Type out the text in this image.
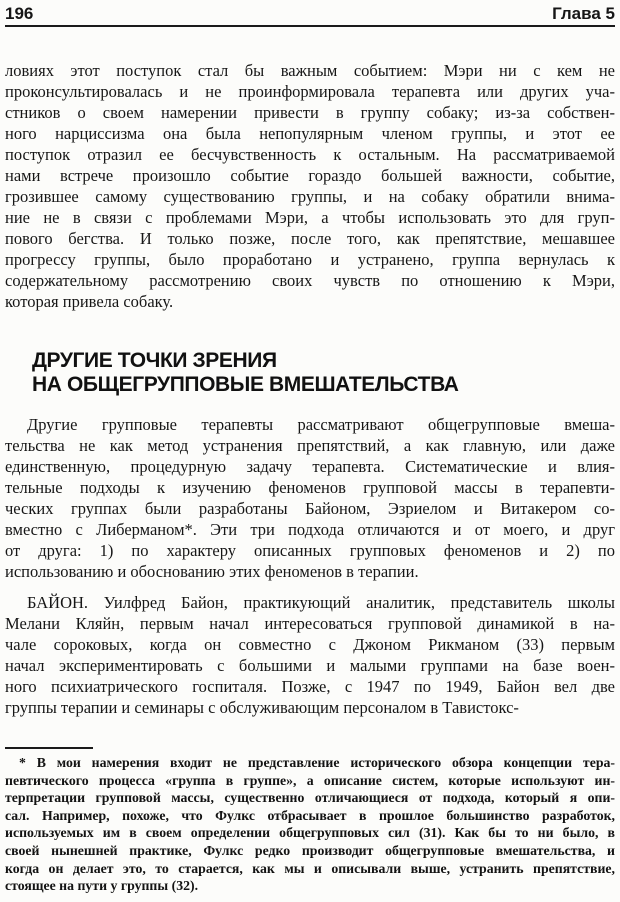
196	Глава 5
ловиях этот поступок стал бы важным событием: Мэри ни с кем не
проконсультировалась и не проинформировала терапевта или других уча-
стников о своем намерении привести в группу собаку; из-за собствен-
ного нарциссизма она была непопулярным членом группы, и этот ее
поступок отразил ее бесчувственность к остальным. На рассматриваемой
нами встрече произошло событие гораздо большей важности, событие,
грозившее самому существованию группы, и на собаку обратили внима-
ние не в связи с проблемами Мэри, а чтобы использовать это для груп-
пового бегства. И только позже, после того, как препятствие, мешавшее
прогрессу группы, было проработано и устранено, группа вернулась к
содержательному рассмотрению своих чувств по отношению к Мэри,
которая привела собаку.
ДРУГИЕ ТОЧКИ ЗРЕНИЯ
НА ОБЩЕГРУППОВЫЕ ВМЕШАТЕЛЬСТВА
Другие групповые терапевты рассматривают общегрупповые вмеша-
тельства не как метод устранения препятствий, а как главную, или даже
единственную, процедурную задачу терапевта. Систематические и влия-
тельные подходы к изучению феноменов групповой массы в терапевти-
ческих группах были разработаны Байоном, Эзриелом и Витакером со-
вместно с Либерманом*. Эти три подхода отличаются и от моего, и друг
от друга: 1) по характеру описанных групповых феноменов и 2) по
использованию и обоснованию этих феноменов в терапии.
БАЙОН. Уилфред Байон, практикующий аналитик, представитель школы
Мелани Кляйн, первым начал интересоваться групповой динамикой в на-
чале сороковых, когда он совместно с Джоном Рикманом (33) первым
начал экспериментировать с большими и малыми группами на базе воен-
ного психиатрического госпиталя. Позже, с 1947 по 1949, Байон вел две
группы терапии и семинары с обслуживающим персоналом в Тавистокс-
* В мои намерения входит не представление исторического обзора концепции тера-
певтического процесса «группа в группе», а описание систем, которые используют ин-
терпретации групповой массы, существенно отличающиеся от подхода, который я опи-
сал. Например, похоже, что Фулкс отбрасывает в прошлое большинство разработок,
используемых им в своем определении общегрупповых сил (31). Как бы то ни было, в
своей нынешней практике, Фулкс редко производит общегрупповые вмешательства, и
когда он делает это, то старается, как мы и описывали выше, устранить препятствие,
стоящее на пути у группы (32).
